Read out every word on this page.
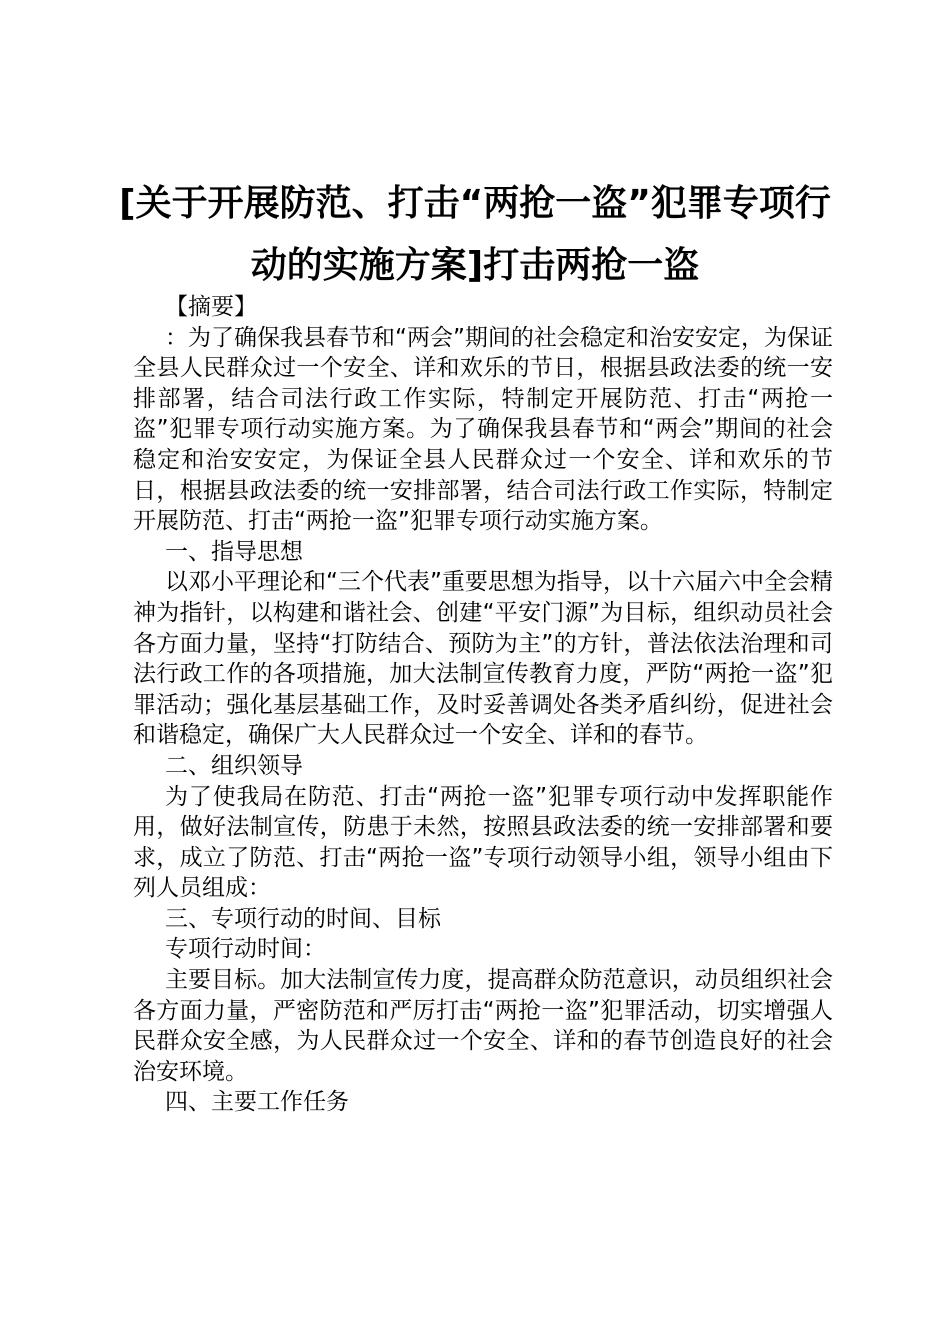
[关于开展防范、打击“两抢一盗”犯罪专项行
动的实施方案]打击两抢一盗

【摘要】

：为了确保我县春节和“两会”期间的社会稳定和治安安定，为保证全县人民群众过一个安全、详和欢乐的节日，根据县政法委的统一安排部署，结合司法行政工作实际，特制定开展防范、打击“两抢一盗”犯罪专项行动实施方案。为了确保我县春节和“两会”期间的社会稳定和治安安定，为保证全县人民群众过一个安全、详和欢乐的节日，根据县政法委的统一安排部署，结合司法行政工作实际，特制定开展防范、打击“两抢一盗”犯罪专项行动实施方案。

一、指导思想

以邓小平理论和“三个代表”重要思想为指导，以十六届六中全会精神为指针，以构建和谐社会、创建“平安门源”为目标，组织动员社会各方面力量，坚持“打防结合、预防为主”的方针，普法依法治理和司法行政工作的各项措施，加大法制宣传教育力度，严防“两抢一盗”犯罪活动；强化基层基础工作，及时妥善调处各类矛盾纠纷，促进社会和谐稳定，确保广大人民群众过一个安全、详和的春节。

二、组织领导

为了使我局在防范、打击“两抢一盗”犯罪专项行动中发挥职能作用，做好法制宣传，防患于未然，按照县政法委的统一安排部署和要求，成立了防范、打击“两抢一盗”专项行动领导小组，领导小组由下列人员组成：

三、专项行动的时间、目标

专项行动时间：

主要目标。加大法制宣传力度，提高群众防范意识，动员组织社会各方面力量，严密防范和严厉打击“两抢一盗”犯罪活动，切实增强人民群众安全感，为人民群众过一个安全、详和的春节创造良好的社会治安环境。

四、主要工作任务
